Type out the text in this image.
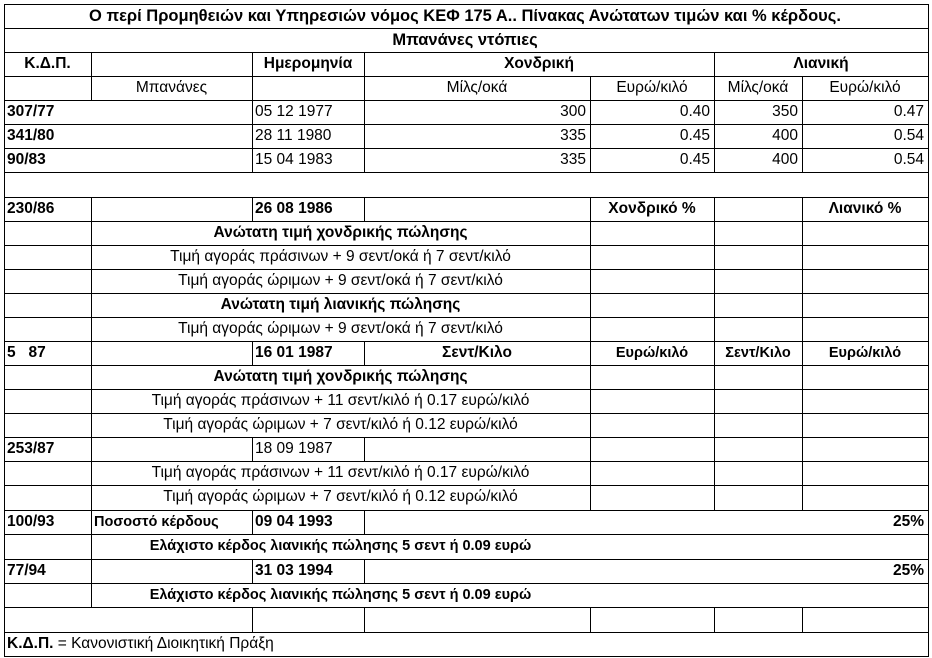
Ο περί Προμηθειών και Υπηρεσιών νόμος ΚΕΦ 175 Α.. Πίνακας Ανώτατων τιμών και % κέρδους.
Μπανάνες ντόπιες
Κ.Δ.Π.	Ημερομηνία	Χονδρική	Λιανική
Μπανάνες	Μίλς/οκά	Ευρώ/κιλό	Μίλς/οκά	Ευρώ/κιλό
307/77	05 12 1977	300	0.40	350	0.47
341/80	28 11 1980	335	0.45	400	0.54
90/83	15 04 1983	335	0.45	400	0.54
230/86	26 08 1986	Χονδρικό %	Λιανικό %
Ανώτατη τιμή χονδρικής πώλησης
Τιμή αγοράς πράσινων + 9 σεντ/οκά ή 7 σεντ/κιλό
Τιμή αγοράς ώριμων + 9 σεντ/οκά ή 7 σεντ/κιλό
Ανώτατη τιμή λιανικής πώλησης
Τιμή αγοράς ώριμων + 9 σεντ/οκά ή 7 σεντ/κιλό
5   87	16 01 1987	Σεντ/Κιλο	Ευρώ/κιλό	Σεντ/Κιλο	Ευρώ/κιλό
Ανώτατη τιμή χονδρικής πώλησης
Τιμή αγοράς πράσινων + 11 σεντ/κιλό ή 0.17 ευρώ/κιλό
Τιμή αγοράς ώριμων + 7 σεντ/κιλό ή 0.12 ευρώ/κιλό
253/87	18 09 1987
Τιμή αγοράς πράσινων + 11 σεντ/κιλό ή 0.17 ευρώ/κιλό
Τιμή αγοράς ώριμων + 7 σεντ/κιλό ή 0.12 ευρώ/κιλό
100/93	Ποσοστό κέρδους	09 04 1993	25%
Ελάχιστο κέρδος λιανικής πώλησης 5 σεντ ή 0.09 ευρώ
77/94	31 03 1994	25%
Ελάχιστο κέρδος λιανικής πώλησης 5 σεντ ή 0.09 ευρώ
Κ.Δ.Π. = Κανονιστική Διοικητική Πράξη
